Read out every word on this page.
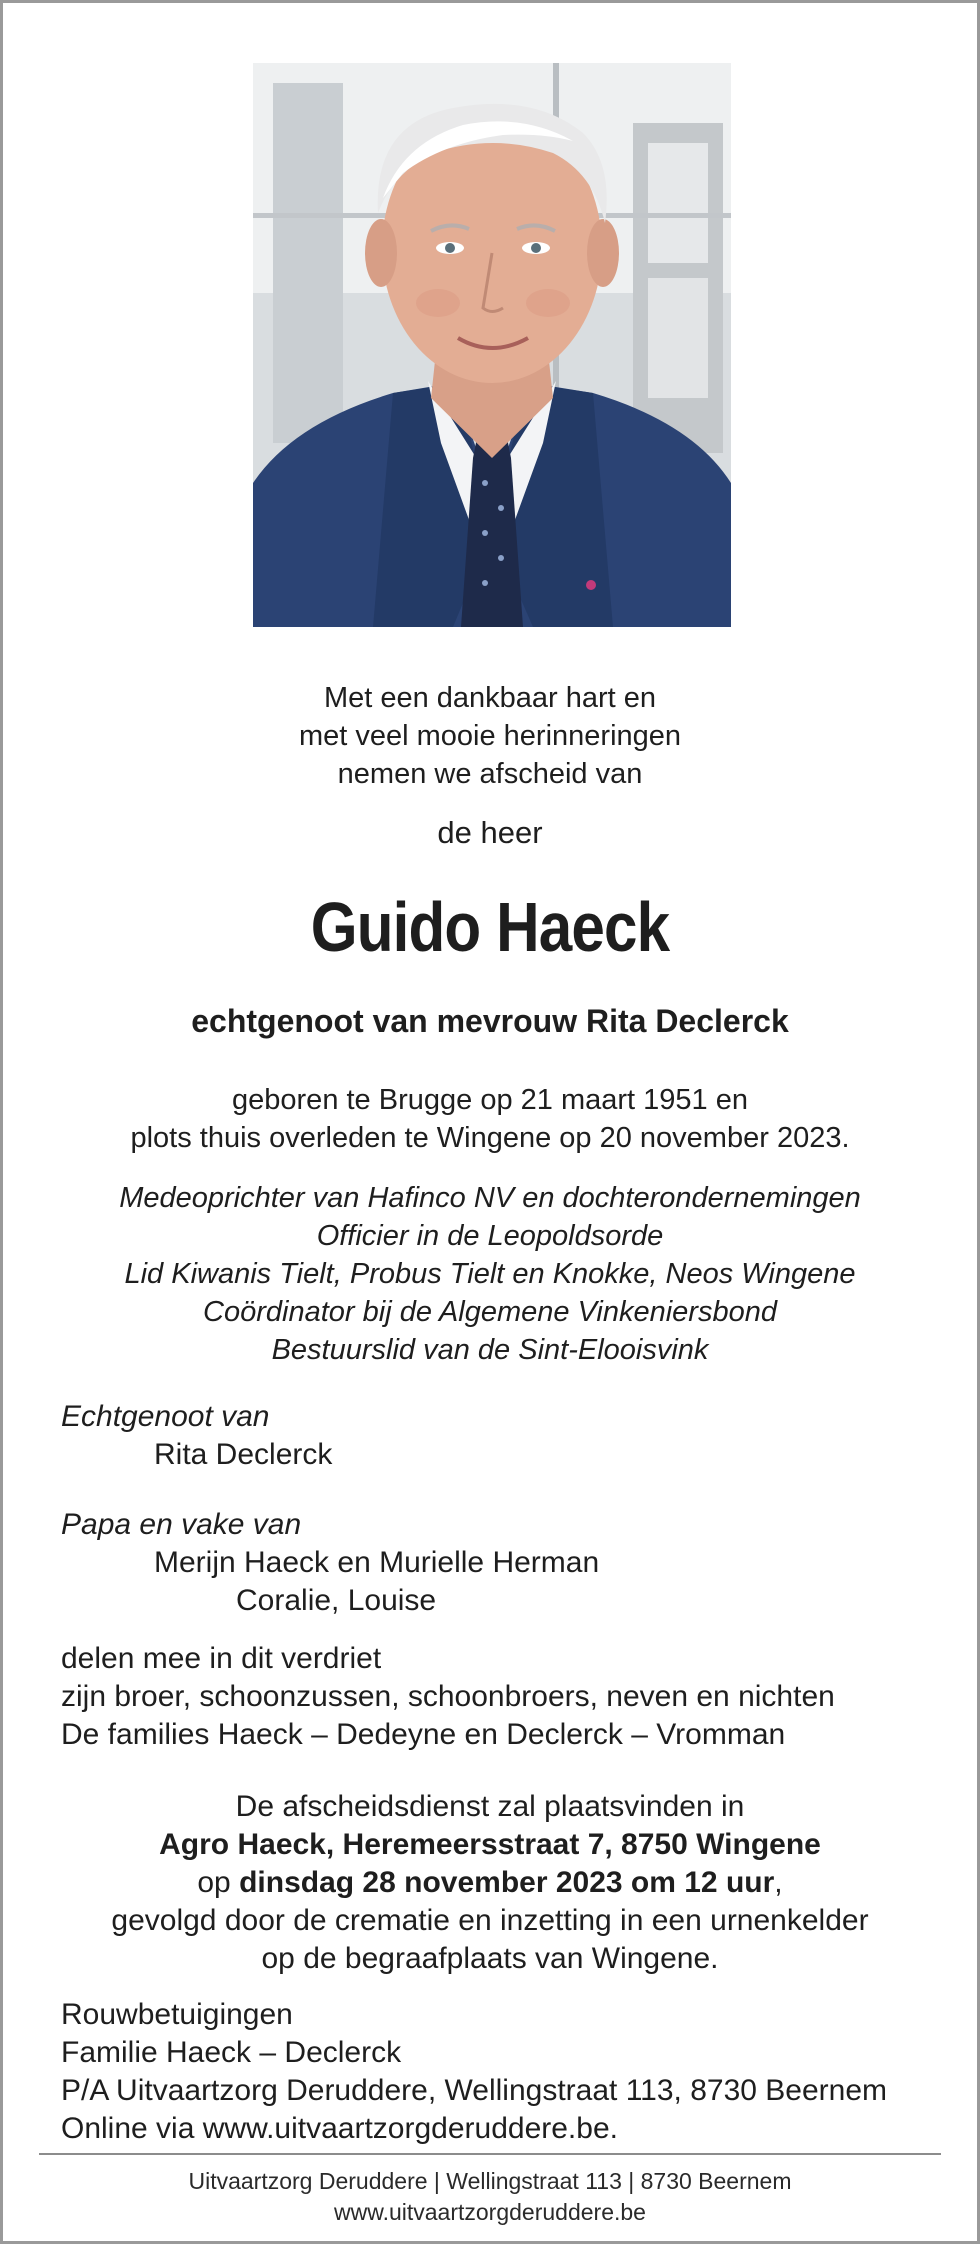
Met een dankbaar hart en

met veel mooie herinneringen

nemen we afscheid van

de heer
Guido Haeck
echtgenoot van mevrouw Rita Declerck

geboren te Brugge op 21 maart 1951 en

plots thuis overleden te Wingene op 20 november 2023.

Medeoprichter van Hafinco NV en dochterondernemingen

Officier in de Leopoldsorde

Lid Kiwanis Tielt, Probus Tielt en Knokke, Neos Wingene

Coördinator bij de Algemene Vinkeniersbond

Bestuurslid van de Sint-Elooisvink

Echtgenoot van

Rita Declerck

Papa en vake van

Merijn Haeck en Murielle Herman

Coralie, Louise

delen mee in dit verdriet

zijn broer, schoonzussen, schoonbroers, neven en nichten

De families Haeck – Dedeyne en Declerck – Vromman

De afscheidsdienst zal plaatsvinden in

Agro Haeck, Heremeersstraat 7, 8750 Wingene

op dinsdag 28 november 2023 om 12 uur,

gevolgd door de crematie en inzetting in een urnenkelder

op de begraafplaats van Wingene.

Rouwbetuigingen

Familie Haeck – Declerck

P/A Uitvaartzorg Deruddere, Wellingstraat 113, 8730 Beernem

Online via www.uitvaartzorgderuddere.be.

Uitvaartzorg Deruddere | Wellingstraat 113 | 8730 Beernem

www.uitvaartzorgderuddere.be
